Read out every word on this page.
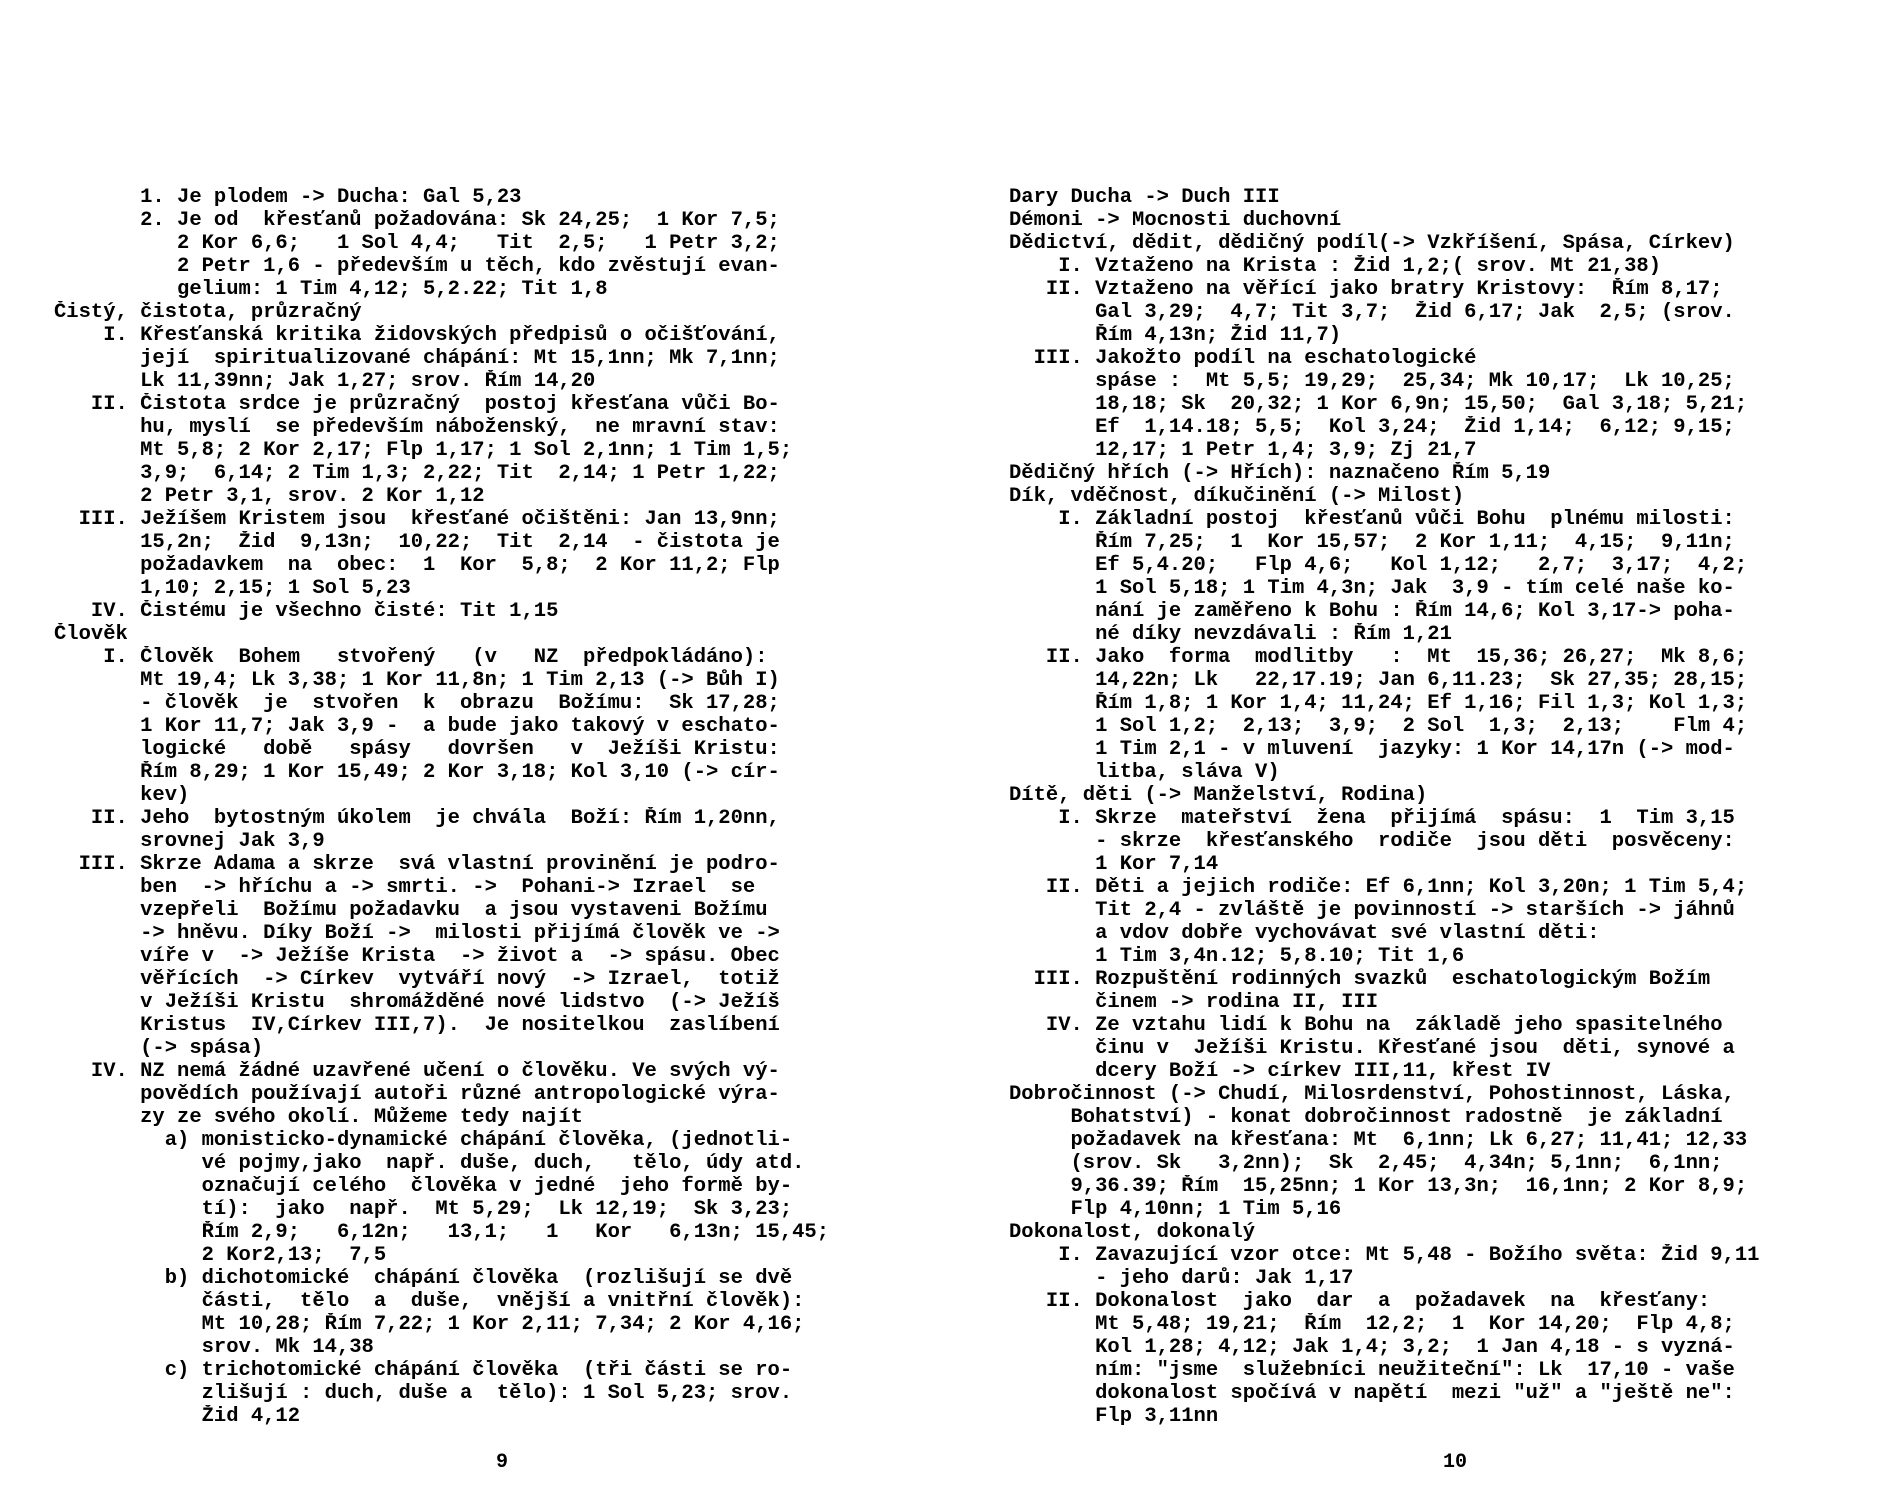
1. Je plodem -> Ducha: Gal 5,23
2. Je od  křesťanů požadována: Sk 24,25;  1 Kor 7,5;
2 Kor 6,6;   1 Sol 4,4;   Tit  2,5;   1 Petr 3,2;
2 Petr 1,6 - především u těch, kdo zvěstují evan-
gelium: 1 Tim 4,12; 5,2.22; Tit 1,8
Čistý, čistota, průzračný
I. Křesťanská kritika židovských předpisů o očišťování,
její  spiritualizované chápání: Mt 15,1nn; Mk 7,1nn;
Lk 11,39nn; Jak 1,27; srov. Řím 14,20
II. Čistota srdce je průzračný  postoj křesťana vůči Bo-
hu, myslí  se především náboženský,  ne mravní stav:
Mt 5,8; 2 Kor 2,17; Flp 1,17; 1 Sol 2,1nn; 1 Tim 1,5;
3,9;  6,14; 2 Tim 1,3; 2,22; Tit  2,14; 1 Petr 1,22;
2 Petr 3,1, srov. 2 Kor 1,12
III. Ježíšem Kristem jsou  křesťané očištěni: Jan 13,9nn;
15,2n;  Žid  9,13n;  10,22;  Tit  2,14  - čistota je
požadavkem  na  obec:  1  Kor  5,8;  2 Kor 11,2; Flp
1,10; 2,15; 1 Sol 5,23
IV. Čistému je všechno čisté: Tit 1,15
Člověk
I. Člověk  Bohem   stvořený   (v   NZ  předpokládáno):
Mt 19,4; Lk 3,38; 1 Kor 11,8n; 1 Tim 2,13 (-> Bůh I)
- člověk  je  stvořen  k  obrazu  Božímu:  Sk 17,28;
1 Kor 11,7; Jak 3,9 -  a bude jako takový v eschato-
logické   době   spásy   dovršen   v  Ježíši Kristu:
Řím 8,29; 1 Kor 15,49; 2 Kor 3,18; Kol 3,10 (-> cír-
kev)
II. Jeho  bytostným úkolem  je chvála  Boží: Řím 1,20nn,
srovnej Jak 3,9
III. Skrze Adama a skrze  svá vlastní provinění je podro-
ben  -> hříchu a -> smrti. ->  Pohani-> Izrael  se
vzepřeli  Božímu požadavku  a jsou vystaveni Božímu
-> hněvu. Díky Boží ->  milosti přijímá člověk ve ->
víře v  -> Ježíše Krista  -> život a  -> spásu. Obec
věřících  -> Církev  vytváří nový  -> Izrael,  totiž
v Ježíši Kristu  shromážděné nové lidstvo  (-> Ježíš
Kristus  IV,Církev III,7).  Je nositelkou  zaslíbení
(-> spása)
IV. NZ nemá žádné uzavřené učení o člověku. Ve svých vý-
povědích používají autoři různé antropologické výra-
zy ze svého okolí. Můžeme tedy najít
a) monisticko-dynamické chápání člověka, (jednotli-
vé pojmy,jako  např. duše, duch,   tělo, údy atd.
označují celého  člověka v jedné  jeho formě by-
tí):  jako  např.  Mt 5,29;  Lk 12,19;  Sk 3,23;
Řím 2,9;   6,12n;   13,1;   1   Kor   6,13n; 15,45;
2 Kor2,13;  7,5
b) dichotomické  chápání člověka  (rozlišují se dvě
části,  tělo  a  duše,  vnější a vnitřní člověk):
Mt 10,28; Řím 7,22; 1 Kor 2,11; 7,34; 2 Kor 4,16;
srov. Mk 14,38
c) trichotomické chápání člověka  (tři části se ro-
zlišují : duch, duše a  tělo): 1 Sol 5,23; srov.
Žid 4,12
9
Dary Ducha -> Duch III
Démoni -> Mocnosti duchovní
Dědictví, dědit, dědičný podíl(-> Vzkříšení, Spása, Církev)
I. Vztaženo na Krista : Žid 1,2;( srov. Mt 21,38)
II. Vztaženo na věřící jako bratry Kristovy:  Řím 8,17;
Gal 3,29;  4,7; Tit 3,7;  Žid 6,17; Jak  2,5; (srov.
Řím 4,13n; Žid 11,7)
III. Jakožto podíl na eschatologické
spáse :  Mt 5,5; 19,29;  25,34; Mk 10,17;  Lk 10,25;
18,18; Sk  20,32; 1 Kor 6,9n; 15,50;  Gal 3,18; 5,21;
Ef  1,14.18; 5,5;  Kol 3,24;  Žid 1,14;  6,12; 9,15;
12,17; 1 Petr 1,4; 3,9; Zj 21,7
Dědičný hřích (-> Hřích): naznačeno Řím 5,19
Dík, vděčnost, díkučinění (-> Milost)
I. Základní postoj  křesťanů vůči Bohu  plnému milosti:
Řím 7,25;  1  Kor 15,57;  2 Kor 1,11;  4,15;  9,11n;
Ef 5,4.20;   Flp 4,6;   Kol 1,12;   2,7;  3,17;  4,2;
1 Sol 5,18; 1 Tim 4,3n; Jak  3,9 - tím celé naše ko-
nání je zaměřeno k Bohu : Řím 14,6; Kol 3,17-> poha-
né díky nevzdávali : Řím 1,21
II. Jako  forma  modlitby   :  Mt  15,36; 26,27;  Mk 8,6;
14,22n; Lk   22,17.19; Jan 6,11.23;  Sk 27,35; 28,15;
Řím 1,8; 1 Kor 1,4; 11,24; Ef 1,16; Fil 1,3; Kol 1,3;
1 Sol 1,2;  2,13;  3,9;  2 Sol  1,3;  2,13;    Flm 4;
1 Tim 2,1 - v mluvení  jazyky: 1 Kor 14,17n (-> mod-
litba, sláva V)
Dítě, děti (-> Manželství, Rodina)
I. Skrze  mateřství  žena  přijímá  spásu:  1  Tim 3,15
- skrze  křesťanského  rodiče  jsou děti  posvěceny:
1 Kor 7,14
II. Děti a jejich rodiče: Ef 6,1nn; Kol 3,20n; 1 Tim 5,4;
Tit 2,4 - zvláště je povinností -> starších -> jáhnů
a vdov dobře vychovávat své vlastní děti:
1 Tim 3,4n.12; 5,8.10; Tit 1,6
III. Rozpuštění rodinných svazků  eschatologickým Božím
činem -> rodina II, III
IV. Ze vztahu lidí k Bohu na  základě jeho spasitelného
činu v  Ježíši Kristu. Křesťané jsou  děti, synové a
dcery Boží -> církev III,11, křest IV
Dobročinnost (-> Chudí, Milosrdenství, Pohostinnost, Láska,
Bohatství) - konat dobročinnost radostně  je základní
požadavek na křesťana: Mt  6,1nn; Lk 6,27; 11,41; 12,33
(srov. Sk   3,2nn);  Sk  2,45;  4,34n; 5,1nn;  6,1nn;
9,36.39; Řím  15,25nn; 1 Kor 13,3n;  16,1nn; 2 Kor 8,9;
Flp 4,10nn; 1 Tim 5,16
Dokonalost, dokonalý
I. Zavazující vzor otce: Mt 5,48 - Božího světa: Žid 9,11
- jeho darů: Jak 1,17
II. Dokonalost  jako  dar  a  požadavek  na  křesťany:
Mt 5,48; 19,21;  Řím  12,2;  1  Kor 14,20;  Flp 4,8;
Kol 1,28; 4,12; Jak 1,4; 3,2;  1 Jan 4,18 - s vyzná-
ním: "jsme  služebníci neužiteční": Lk  17,10 - vaše
dokonalost spočívá v napětí  mezi "už" a "ještě ne":
Flp 3,11nn
10
